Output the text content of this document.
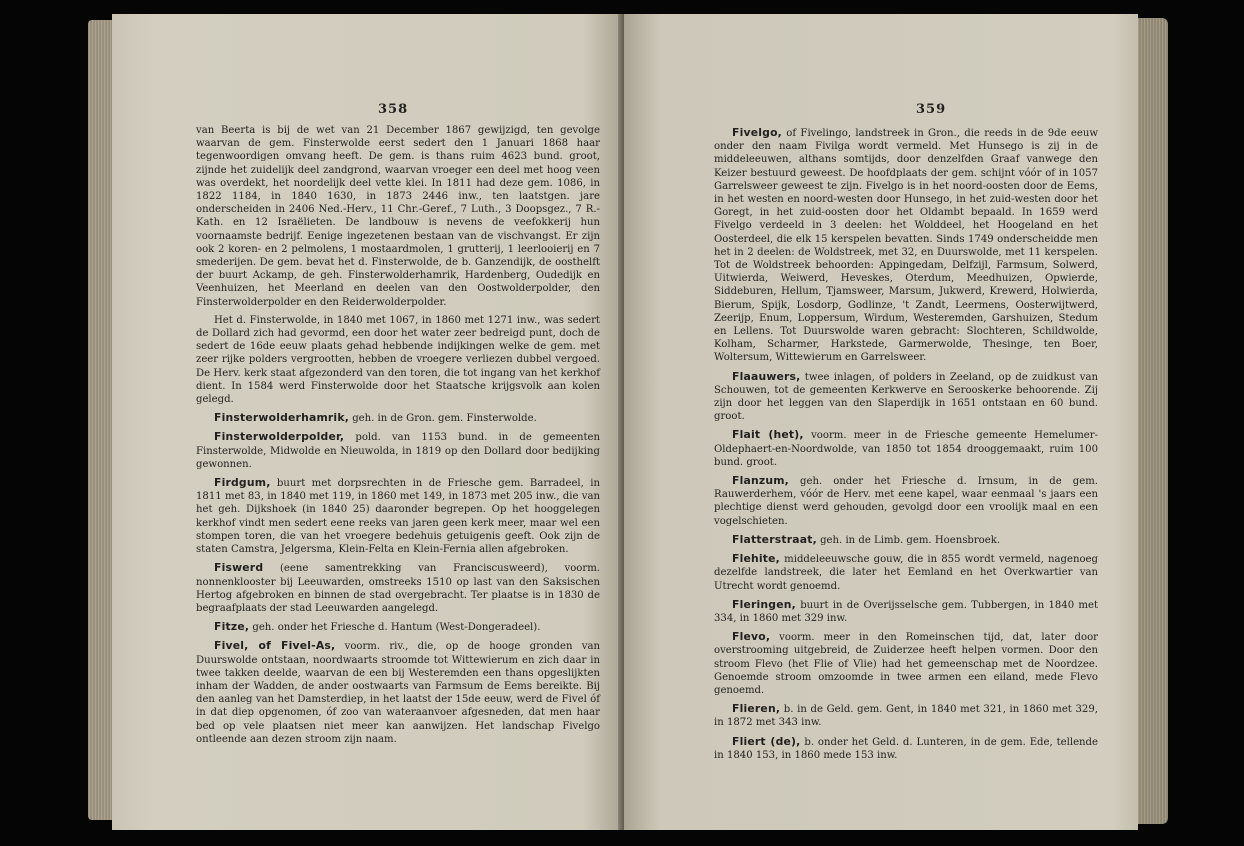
358

van Beerta is bij de wet van 21 December 1867 gewijzigd, ten gevolge waarvan de gem. Finsterwolde eerst sedert den 1 Januari 1868 haar tegenwoordigen omvang heeft. De gem. is thans ruim 4623 bund. groot, zijnde het zuidelijk deel zandgrond, waarvan vroeger een deel met hoog veen was overdekt, het noordelijk deel vette klei. In 1811 had deze gem. 1086, in 1822 1184, in 1840 1630, in 1873 2446 inw., ten laatstgen. jare onderscheiden in 2406 Ned.-Herv., 11 Chr.-Geref., 7 Luth., 3 Doopsgez., 7 R.-Kath. en 12 Israëlieten. De landbouw is nevens de veefokkerij hun voornaamste bedrijf. Eenige ingezetenen bestaan van de vischvangst. Er zijn ook 2 koren- en 2 pelmolens, 1 mostaardmolen, 1 grutterij, 1 leerlooierij en 7 smederijen. De gem. bevat het d. Finsterwolde, de b. Ganzendijk, de oosthelft der buurt Ackamp, de geh. Finsterwolderhamrik, Hardenberg, Oudedijk en Veenhuizen, het Meerland en deelen van den Oostwolderpolder, den Finsterwolderpolder en den Reiderwolderpolder.

Het d. Finsterwolde, in 1840 met 1067, in 1860 met 1271 inw., was sedert de Dollard zich had gevormd, een door het water zeer bedreigd punt, doch de sedert de 16de eeuw plaats gehad hebbende indijkingen welke de gem. met zeer rijke polders vergrootten, hebben de vroegere verliezen dubbel vergoed. De Herv. kerk staat afgezonderd van den toren, die tot ingang van het kerkhof dient. In 1584 werd Finsterwolde door het Staatsche krijgsvolk aan kolen gelegd.

Finsterwolderhamrik, geh. in de Gron. gem. Finsterwolde.

Finsterwolderpolder, pold. van 1153 bund. in de gemeenten Finsterwolde, Midwolde en Nieuwolda, in 1819 op den Dollard door bedijking gewonnen.

Firdgum, buurt met dorpsrechten in de Friesche gem. Barradeel, in 1811 met 83, in 1840 met 119, in 1860 met 149, in 1873 met 205 inw., die van het geh. Dijkshoek (in 1840 25) daaronder begrepen. Op het hooggelegen kerkhof vindt men sedert eene reeks van jaren geen kerk meer, maar wel een stompen toren, die van het vroegere bedehuis getuigenis geeft. Ook zijn de staten Camstra, Jelgersma, Klein-Felta en Klein-Fernia allen afgebroken.

Fiswerd (eene samentrekking van Franciscusweerd), voorm. nonnenklooster bij Leeuwarden, omstreeks 1510 op last van den Saksischen Hertog afgebroken en binnen de stad overgebracht. Ter plaatse is in 1830 de begraafplaats der stad Leeuwarden aangelegd.

Fitze, geh. onder het Friesche d. Hantum (West-Dongeradeel).

Fivel, of Fivel-As, voorm. riv., die, op de hooge gronden van Duurswolde ontstaan, noordwaarts stroomde tot Wittewierum en zich daar in twee takken deelde, waarvan de een bij Westeremden een thans opgeslijkten inham der Wadden, de ander oostwaarts van Farmsum de Eems bereikte. Bij den aanleg van het Damsterdiep, in het laatst der 15de eeuw, werd de Fivel óf in dat diep opgenomen, óf zoo van wateraanvoer afgesneden, dat men haar bed op vele plaatsen niet meer kan aanwijzen. Het landschap Fivelgo ontleende aan dezen stroom zijn naam.

359

Fivelgo, of Fivelingo, landstreek in Gron., die reeds in de 9de eeuw onder den naam Fivilga wordt vermeld. Met Hunsego is zij in de middeleeuwen, althans somtijds, door denzelfden Graaf vanwege den Keizer bestuurd geweest. De hoofdplaats der gem. schijnt vóór of in 1057 Garrelsweer geweest te zijn. Fivelgo is in het noord-oosten door de Eems, in het westen en noord-westen door Hunsego, in het zuid-westen door het Goregt, in het zuid-oosten door het Oldambt bepaald. In 1659 werd Fivelgo verdeeld in 3 deelen: het Wolddeel, het Hoogeland en het Oosterdeel, die elk 15 kerspelen bevatten. Sinds 1749 onderscheidde men het in 2 deelen: de Woldstreek, met 32, en Duurswolde, met 11 kerspelen. Tot de Woldstreek behoorden: Appingedam, Delfzijl, Farmsum, Solwerd, Uitwierda, Weiwerd, Heveskes, Oterdum, Meedhuizen, Opwierde, Siddeburen, Hellum, Tjamsweer, Marsum, Jukwerd, Krewerd, Holwierda, Bierum, Spijk, Losdorp, Godlinze, 't Zandt, Leermens, Oosterwijtwerd, Zeerijp, Enum, Loppersum, Wirdum, Westeremden, Garshuizen, Stedum en Lellens. Tot Duurswolde waren gebracht: Slochteren, Schildwolde, Kolham, Scharmer, Harkstede, Garmerwolde, Thesinge, ten Boer, Woltersum, Wittewierum en Garrelsweer.

Flaauwers, twee inlagen, of polders in Zeeland, op de zuidkust van Schouwen, tot de gemeenten Kerkwerve en Serooskerke behoorende. Zij zijn door het leggen van den Slaperdijk in 1651 ontstaan en 60 bund. groot.

Flait (het), voorm. meer in de Friesche gemeente Hemelumer-Oldephaert-en-Noordwolde, van 1850 tot 1854 drooggemaakt, ruim 100 bund. groot.

Flanzum, geh. onder het Friesche d. Irnsum, in de gem. Rauwerderhem, vóór de Herv. met eene kapel, waar eenmaal 's jaars een plechtige dienst werd gehouden, gevolgd door een vroolijk maal en een vogelschieten.

Flatterstraat, geh. in de Limb. gem. Hoensbroek.

Flehite, middeleeuwsche gouw, die in 855 wordt vermeld, nagenoeg dezelfde landstreek, die later het Eemland en het Overkwartier van Utrecht wordt genoemd.

Fleringen, buurt in de Overijsselsche gem. Tubbergen, in 1840 met 334, in 1860 met 329 inw.

Flevo, voorm. meer in den Romeinschen tijd, dat, later door overstrooming uitgebreid, de Zuiderzee heeft helpen vormen. Door den stroom Flevo (het Flie of Vlie) had het gemeenschap met de Noordzee. Genoemde stroom omzoomde in twee armen een eiland, mede Flevo genoemd.

Flieren, b. in de Geld. gem. Gent, in 1840 met 321, in 1860 met 329, in 1872 met 343 inw.

Fliert (de), b. onder het Geld. d. Lunteren, in de gem. Ede, tellende in 1840 153, in 1860 mede 153 inw.
